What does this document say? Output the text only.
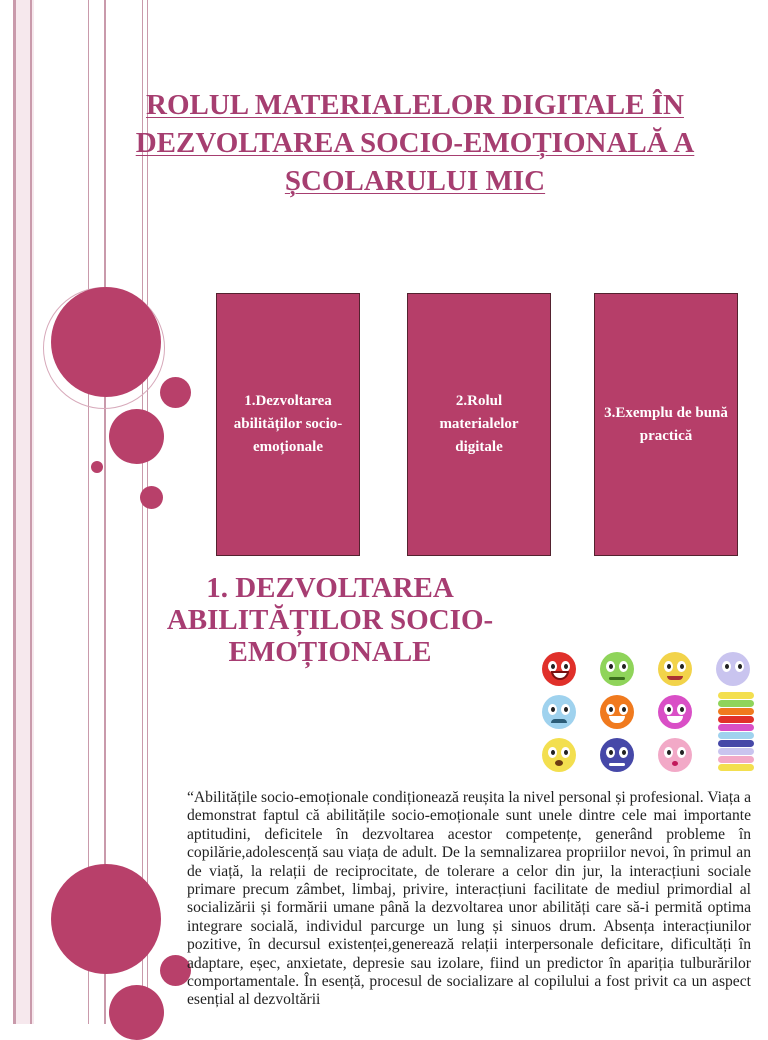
ROLUL MATERIALELOR DIGITALE ÎN DEZVOLTAREA SOCIO-EMOȚIONALĂ A ȘCOLARULUI MIC
1.Dezvoltarea abilităților socio-emoționale
2.Rolul materialelor digitale
3.Exemplu de bună practică
1. DEZVOLTAREA ABILITĂȚILOR SOCIO-EMOȚIONALE
“Abilitățile socio-emoționale condiționează reușita la nivel personal și profesional. Viața a demonstrat faptul că abilitățile socio-emoționale sunt unele dintre cele mai importante aptitudini, deficitele în dezvoltarea acestor competențe, generând probleme în copilărie,adolescență sau viața de adult. De la semnalizarea propriilor nevoi, în primul an de viață, la relații de reciprocitate, de tolerare a celor din jur, la interacțiuni sociale primare precum zâmbet, limbaj, privire, interacțiuni facilitate de mediul primordial al socializării și formării umane până la dezvoltarea unor abilități care să-i permită optima integrare socială, individul parcurge un lung și sinuos drum. Absența interacțiunilor pozitive, în decursul existenței,generează relații interpersonale deficitare, dificultăți în adaptare, eșec, anxietate, depresie sau izolare, fiind un predictor în apariția tulburărilor comportamentale. În esență, procesul de socializare al copilului a fost privit ca un aspect esențial al dezvoltării
